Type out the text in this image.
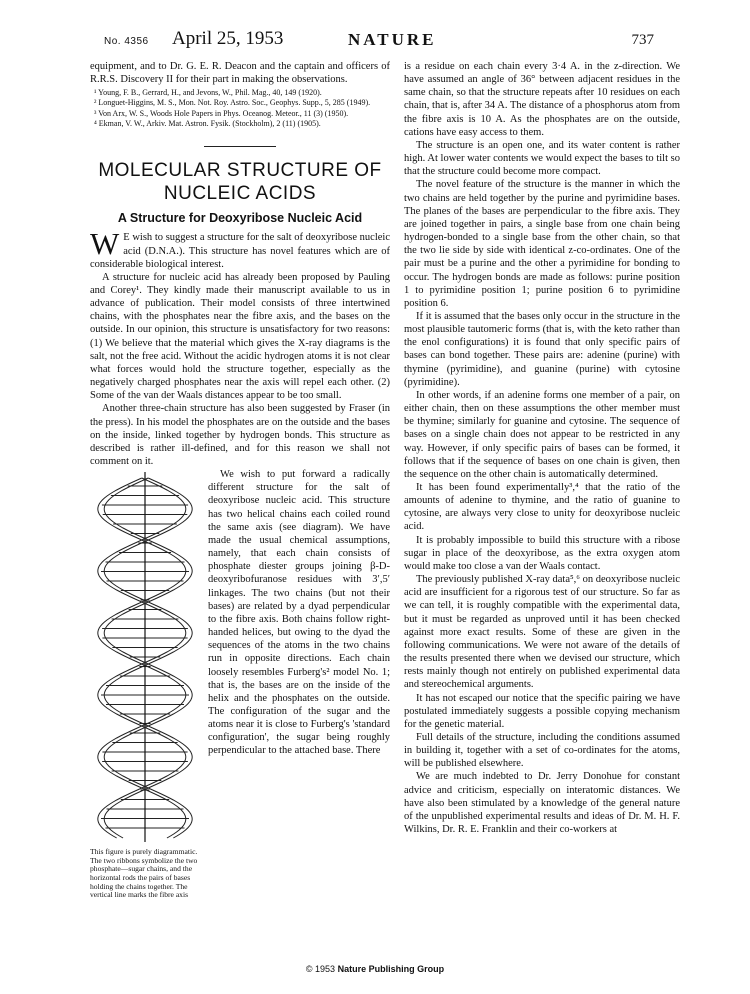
No. 4356 April 25, 1953	NATURE	737

equipment, and to Dr. G. E. R. Deacon and the captain and officers of R.R.S. Discovery II for their part in making the observations.

¹ Young, F. B., Gerrard, H., and Jevons, W., Phil. Mag., 40, 149 (1920).
² Longuet-Higgins, M. S., Mon. Not. Roy. Astro. Soc., Geophys. Supp., 5, 285 (1949).
³ Von Arx, W. S., Woods Hole Papers in Phys. Oceanog. Meteor., 11 (3) (1950).
⁴ Ekman, V. W., Arkiv. Mat. Astron. Fysik. (Stockholm), 2 (11) (1905).
MOLECULAR STRUCTURE OF
NUCLEIC ACIDS
A Structure for Deoxyribose Nucleic Acid

W E wish to suggest a structure for the salt of deoxyribose nucleic acid (D.N.A.). This structure has novel features which are of considerable biological interest.

A structure for nucleic acid has already been proposed by Pauling and Corey¹. They kindly made their manuscript available to us in advance of publication. Their model consists of three intertwined chains, with the phosphates near the fibre axis, and the bases on the outside. In our opinion, this structure is unsatisfactory for two reasons: (1) We believe that the material which gives the X-ray diagrams is the salt, not the free acid. Without the acidic hydrogen atoms it is not clear what forces would hold the structure together, especially as the negatively charged phosphates near the axis will repel each other. (2) Some of the van der Waals distances appear to be too small.

Another three-chain structure has also been suggested by Fraser (in the press). In his model the phosphates are on the outside and the bases on the inside, linked together by hydrogen bonds. This structure as described is rather ill-defined, and for this reason we shall not comment on it.

This figure is purely diagrammatic. The two ribbons symbolize the two phosphate—sugar chains, and the horizontal rods the pairs of bases holding the chains together. The vertical line marks the fibre axis

We wish to put forward a radically different structure for the salt of deoxyribose nucleic acid. This structure has two helical chains each coiled round the same axis (see diagram). We have made the usual chemical assumptions, namely, that each chain consists of phosphate diester groups joining β-D-deoxyribofuranose residues with 3′,5′ linkages. The two chains (but not their bases) are related by a dyad perpendicular to the fibre axis. Both chains follow right-handed helices, but owing to the dyad the sequences of the atoms in the two chains run in opposite directions. Each chain loosely resembles Furberg's² model No. 1; that is, the bases are on the inside of the helix and the phosphates on the outside. The configuration of the sugar and the atoms near it is close to Furberg's 'standard configuration', the sugar being roughly perpendicular to the attached base. There

is a residue on each chain every 3·4 A. in the z-direction. We have assumed an angle of 36° between adjacent residues in the same chain, so that the structure repeats after 10 residues on each chain, that is, after 34 A. The distance of a phosphorus atom from the fibre axis is 10 A. As the phosphates are on the outside, cations have easy access to them.

The structure is an open one, and its water content is rather high. At lower water contents we would expect the bases to tilt so that the structure could become more compact.

The novel feature of the structure is the manner in which the two chains are held together by the purine and pyrimidine bases. The planes of the bases are perpendicular to the fibre axis. They are joined together in pairs, a single base from one chain being hydrogen-bonded to a single base from the other chain, so that the two lie side by side with identical z-co-ordinates. One of the pair must be a purine and the other a pyrimidine for bonding to occur. The hydrogen bonds are made as follows: purine position 1 to pyrimidine position 1; purine position 6 to pyrimidine position 6.

If it is assumed that the bases only occur in the structure in the most plausible tautomeric forms (that is, with the keto rather than the enol configurations) it is found that only specific pairs of bases can bond together. These pairs are: adenine (purine) with thymine (pyrimidine), and guanine (purine) with cytosine (pyrimidine).

In other words, if an adenine forms one member of a pair, on either chain, then on these assumptions the other member must be thymine; similarly for guanine and cytosine. The sequence of bases on a single chain does not appear to be restricted in any way. However, if only specific pairs of bases can be formed, it follows that if the sequence of bases on one chain is given, then the sequence on the other chain is automatically determined.

It has been found experimentally³,⁴ that the ratio of the amounts of adenine to thymine, and the ratio of guanine to cytosine, are always very close to unity for deoxyribose nucleic acid.

It is probably impossible to build this structure with a ribose sugar in place of the deoxyribose, as the extra oxygen atom would make too close a van der Waals contact.

The previously published X-ray data⁵,⁶ on deoxyribose nucleic acid are insufficient for a rigorous test of our structure. So far as we can tell, it is roughly compatible with the experimental data, but it must be regarded as unproved until it has been checked against more exact results. Some of these are given in the following communications. We were not aware of the details of the results presented there when we devised our structure, which rests mainly though not entirely on published experimental data and stereochemical arguments.

It has not escaped our notice that the specific pairing we have postulated immediately suggests a possible copying mechanism for the genetic material.

Full details of the structure, including the conditions assumed in building it, together with a set of co-ordinates for the atoms, will be published elsewhere.

We are much indebted to Dr. Jerry Donohue for constant advice and criticism, especially on interatomic distances. We have also been stimulated by a knowledge of the general nature of the unpublished experimental results and ideas of Dr. M. H. F. Wilkins, Dr. R. E. Franklin and their co-workers at

© 1953 Nature Publishing Group
